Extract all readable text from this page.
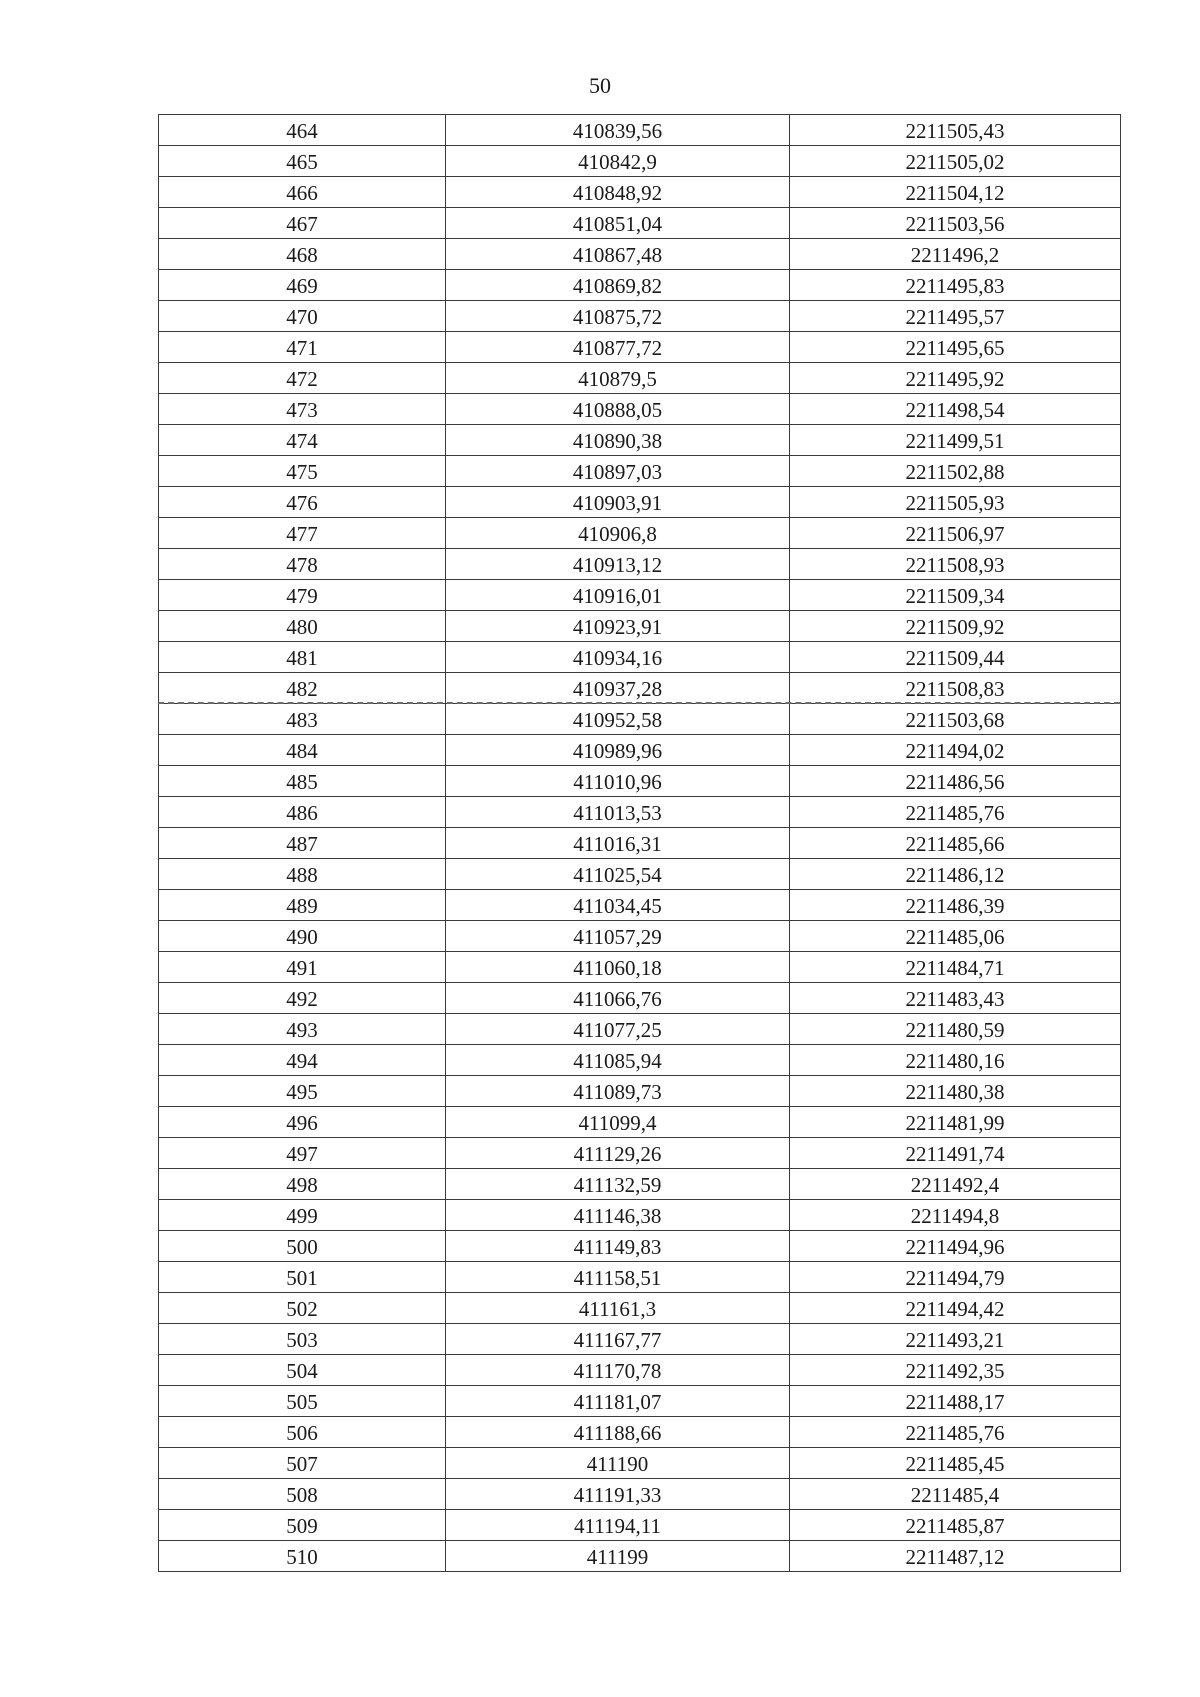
50
464	410839,56	2211505,43
465	410842,9	2211505,02
466	410848,92	2211504,12
467	410851,04	2211503,56
468	410867,48	2211496,2
469	410869,82	2211495,83
470	410875,72	2211495,57
471	410877,72	2211495,65
472	410879,5	2211495,92
473	410888,05	2211498,54
474	410890,38	2211499,51
475	410897,03	2211502,88
476	410903,91	2211505,93
477	410906,8	2211506,97
478	410913,12	2211508,93
479	410916,01	2211509,34
480	410923,91	2211509,92
481	410934,16	2211509,44
482	410937,28	2211508,83
483	410952,58	2211503,68
484	410989,96	2211494,02
485	411010,96	2211486,56
486	411013,53	2211485,76
487	411016,31	2211485,66
488	411025,54	2211486,12
489	411034,45	2211486,39
490	411057,29	2211485,06
491	411060,18	2211484,71
492	411066,76	2211483,43
493	411077,25	2211480,59
494	411085,94	2211480,16
495	411089,73	2211480,38
496	411099,4	2211481,99
497	411129,26	2211491,74
498	411132,59	2211492,4
499	411146,38	2211494,8
500	411149,83	2211494,96
501	411158,51	2211494,79
502	411161,3	2211494,42
503	411167,77	2211493,21
504	411170,78	2211492,35
505	411181,07	2211488,17
506	411188,66	2211485,76
507	411190	2211485,45
508	411191,33	2211485,4
509	411194,11	2211485,87
510	411199	2211487,12
